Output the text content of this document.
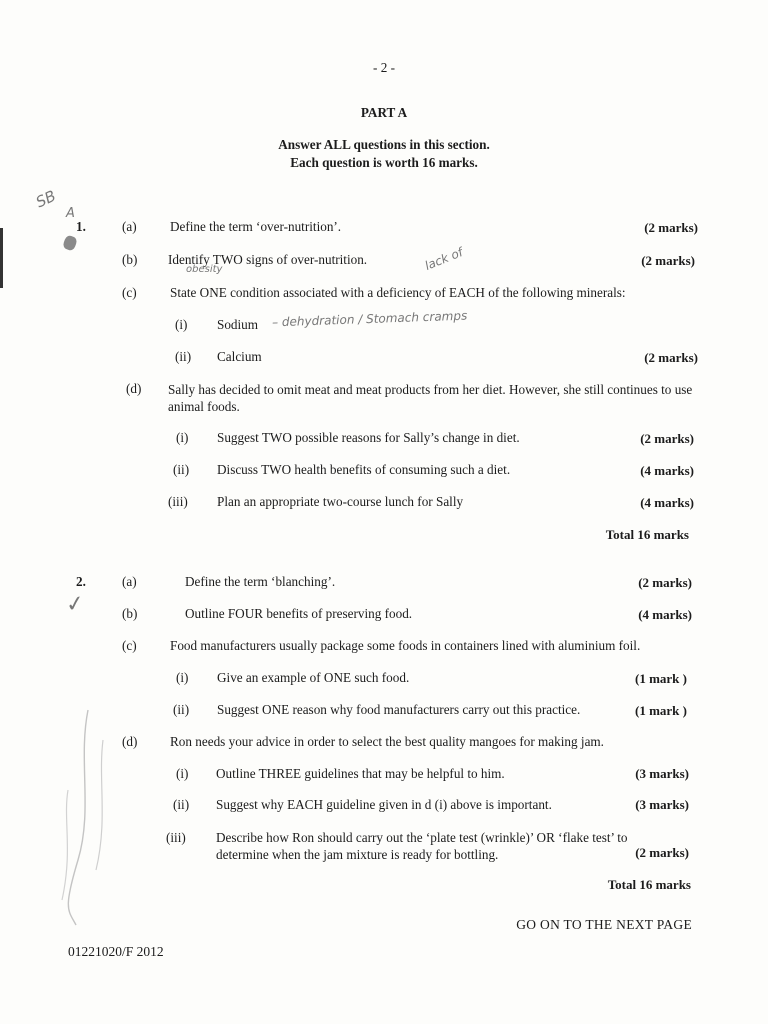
- 2 -
PART A
Answer ALL questions in this section.
Each question is worth 16 marks.
SB
A
1.	(a)	Define the term ‘over-nutrition’.	(2 marks)
(b) Identify TWO signs of over-nutrition.
obesity	lack of	(2 marks)
(c)	State ONE condition associated with a deficiency of EACH of the following minerals:
(i) Sodium – dehydration / Stomach cramps
(ii) Calcium	(2 marks)
(d) Sally has decided to omit meat and meat products from her diet. However, she still continues to use animal foods.
(i) Suggest TWO possible reasons for Sally’s change in diet.	(2 marks)
(ii) Discuss TWO health benefits of consuming such a diet.	(4 marks)
(iii) Plan an appropriate two-course lunch for Sally	(4 marks)
Total 16 marks
2.
✓
(a)	Define the term ‘blanching’.	(2 marks)
(b)	Outline FOUR benefits of preserving food.	(4 marks)
(c)	Food manufacturers usually package some foods in containers lined with aluminium foil.
(i) Give an example of ONE such food.	(1 mark )
(ii) Suggest ONE reason why food manufacturers carry out this practice.	(1 mark )
(d) Ron needs your advice in order to select the best quality mangoes for making jam.
(i) Outline THREE guidelines that may be helpful to him.	(3 marks)
(ii) Suggest why EACH guideline given in d (i) above is important.	(3 marks)
(iii) Describe how Ron should carry out the ‘plate test (wrinkle)’ OR ‘flake test’ to
determine when the jam mixture is ready for bottling.	(2 marks)
Total 16 marks
GO ON TO THE NEXT PAGE
01221020/F 2012
